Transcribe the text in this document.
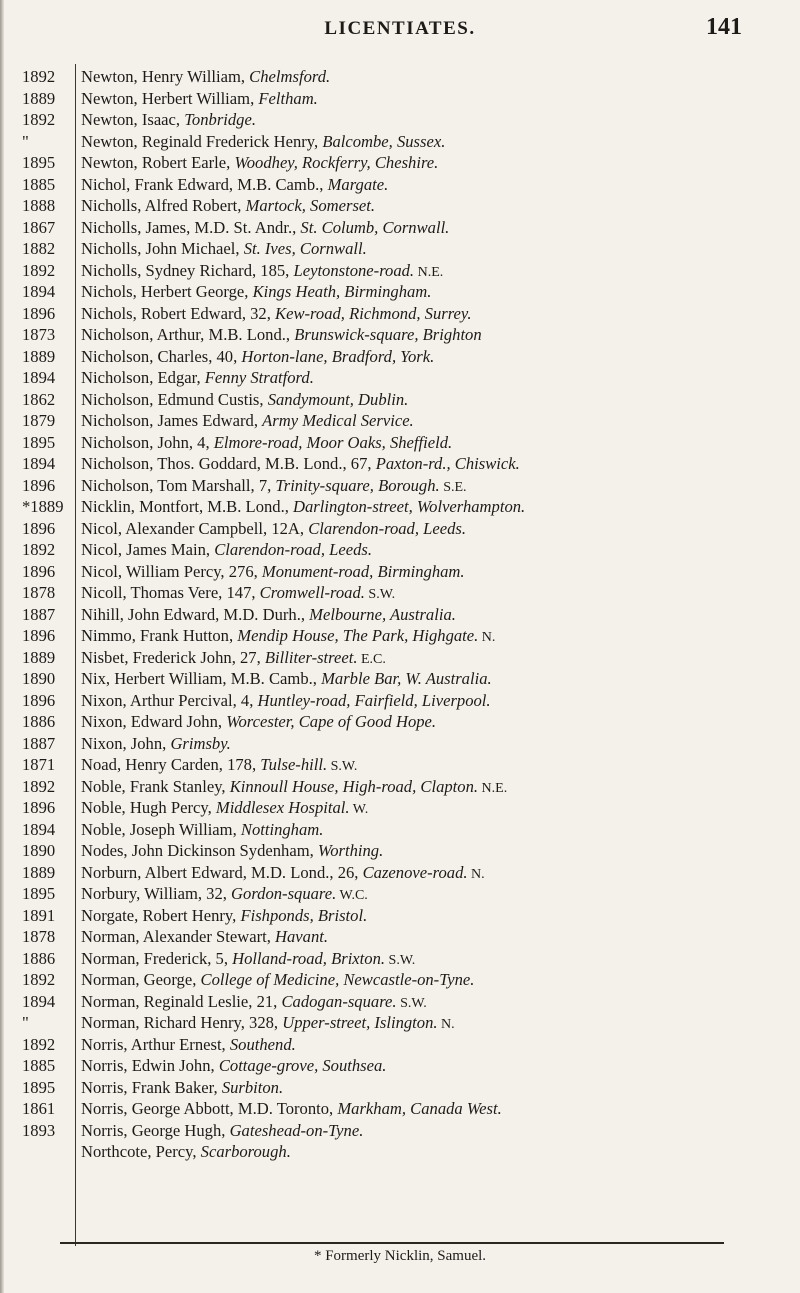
LICENTIATES.	141
1892	Newton, Henry William, Chelmsford.
1889	Newton, Herbert William, Feltham.
1892	Newton, Isaac, Tonbridge.
"	Newton, Reginald Frederick Henry, Balcombe, Sussex.
1895	Newton, Robert Earle, Woodhey, Rockferry, Cheshire.
1885	Nichol, Frank Edward, M.B. Camb., Margate.
1888	Nicholls, Alfred Robert, Martock, Somerset.
1867	Nicholls, James, M.D. St. Andr., St. Columb, Cornwall.
1882	Nicholls, John Michael, St. Ives, Cornwall.
1892	Nicholls, Sydney Richard, 185, Leytonstone-road. N.E.
1894	Nichols, Herbert George, Kings Heath, Birmingham.
1896	Nichols, Robert Edward, 32, Kew-road, Richmond, Surrey.
1873	Nicholson, Arthur, M.B. Lond., Brunswick-square, Brighton
1889	Nicholson, Charles, 40, Horton-lane, Bradford, York.
1894	Nicholson, Edgar, Fenny Stratford.
1862	Nicholson, Edmund Custis, Sandymount, Dublin.
1879	Nicholson, James Edward, Army Medical Service.
1895	Nicholson, John, 4, Elmore-road, Moor Oaks, Sheffield.
1894	Nicholson, Thos. Goddard, M.B. Lond., 67, Paxton-rd., Chiswick.
1896	Nicholson, Tom Marshall, 7, Trinity-square, Borough. S.E.
*1889	Nicklin, Montfort, M.B. Lond., Darlington-street, Wolverhampton.
1896	Nicol, Alexander Campbell, 12A, Clarendon-road, Leeds.
1892	Nicol, James Main, Clarendon-road, Leeds.
1896	Nicol, William Percy, 276, Monument-road, Birmingham.
1878	Nicoll, Thomas Vere, 147, Cromwell-road. S.W.
1887	Nihill, John Edward, M.D. Durh., Melbourne, Australia.
1896	Nimmo, Frank Hutton, Mendip House, The Park, Highgate. N.
1889	Nisbet, Frederick John, 27, Billiter-street. E.C.
1890	Nix, Herbert William, M.B. Camb., Marble Bar, W. Australia.
1896	Nixon, Arthur Percival, 4, Huntley-road, Fairfield, Liverpool.
1886	Nixon, Edward John, Worcester, Cape of Good Hope.
1887	Nixon, John, Grimsby.
1871	Noad, Henry Carden, 178, Tulse-hill. S.W.
1892	Noble, Frank Stanley, Kinnoull House, High-road, Clapton. N.E.
1896	Noble, Hugh Percy, Middlesex Hospital. W.
1894	Noble, Joseph William, Nottingham.
1890	Nodes, John Dickinson Sydenham, Worthing.
1889	Norburn, Albert Edward, M.D. Lond., 26, Cazenove-road. N.
1895	Norbury, William, 32, Gordon-square. W.C.
1891	Norgate, Robert Henry, Fishponds, Bristol.
1878	Norman, Alexander Stewart, Havant.
1886	Norman, Frederick, 5, Holland-road, Brixton. S.W.
1892	Norman, George, College of Medicine, Newcastle-on-Tyne.
1894	Norman, Reginald Leslie, 21, Cadogan-square. S.W.
"	Norman, Richard Henry, 328, Upper-street, Islington. N.
1892	Norris, Arthur Ernest, Southend.
1885	Norris, Edwin John, Cottage-grove, Southsea.
1895	Norris, Frank Baker, Surbiton.
1861	Norris, George Abbott, M.D. Toronto, Markham, Canada West.
1893	Norris, George Hugh, Gateshead-on-Tyne.
Northcote, Percy, Scarborough.
* Formerly Nicklin, Samuel.
